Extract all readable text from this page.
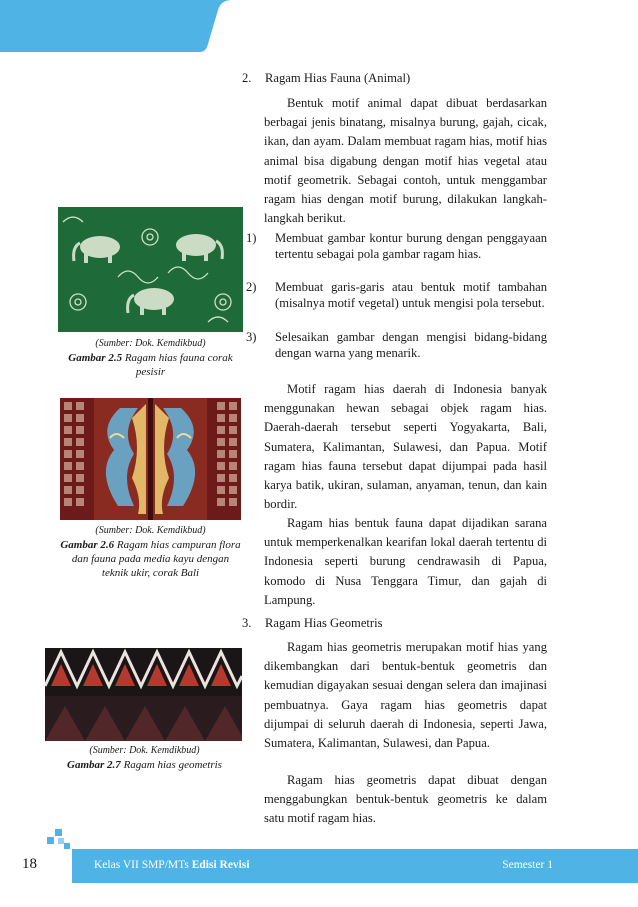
2. Ragam Hias Fauna (Animal)
Bentuk motif animal dapat dibuat berdasarkan berbagai jenis binatang, misalnya burung, gajah, cicak, ikan, dan ayam. Dalam membuat ragam hias, motif hias animal bisa digabung dengan motif hias vegetal atau motif geometrik. Sebagai contoh, untuk menggambar ragam hias dengan motif burung, dilakukan langkah-langkah berikut.
1) Membuat gambar kontur burung dengan penggayaan tertentu sebagai pola gambar ragam hias.
2) Membuat garis-garis atau bentuk motif tambahan (misalnya motif vegetal) untuk mengisi pola tersebut.
3) Selesaikan gambar dengan mengisi bidang-bidang dengan warna yang menarik.
Motif ragam hias daerah di Indonesia banyak menggunakan hewan sebagai objek ragam hias. Daerah-daerah tersebut seperti Yogyakarta, Bali, Sumatera, Kalimantan, Sulawesi, dan Papua. Motif ragam hias fauna tersebut dapat dijumpai pada hasil karya batik, ukiran, sulaman, anyaman, tenun, dan kain bordir.
Ragam hias bentuk fauna dapat dijadikan sarana untuk memperkenalkan kearifan lokal daerah tertentu di Indonesia seperti burung cendrawasih di Papua, komodo di Nusa Tenggara Timur, dan gajah di Lampung.
3. Ragam Hias Geometris
Ragam hias geometris merupakan motif hias yang dikembangkan dari bentuk-bentuk geometris dan kemudian digayakan sesuai dengan selera dan imajinasi pembuatnya. Gaya ragam hias geometris dapat dijumpai di seluruh daerah di Indonesia, seperti Jawa, Sumatera, Kalimantan, Sulawesi, dan Papua.
Ragam hias geometris dapat dibuat dengan menggabungkan bentuk-bentuk geometris ke dalam satu motif ragam hias.
(Sumber: Dok. Kemdikbud)
Gambar 2.5 Ragam hias fauna corak pesisir
(Sumber: Dok. Kemdikbud)
Gambar 2.6 Ragam hias campuran flora dan fauna pada media kayu dengan teknik ukir, corak Bali
(Sumber: Dok. Kemdikbud)
Gambar 2.7 Ragam hias geometris
Kelas VII SMP/MTs Edisi Revisi	Semester 1
18
